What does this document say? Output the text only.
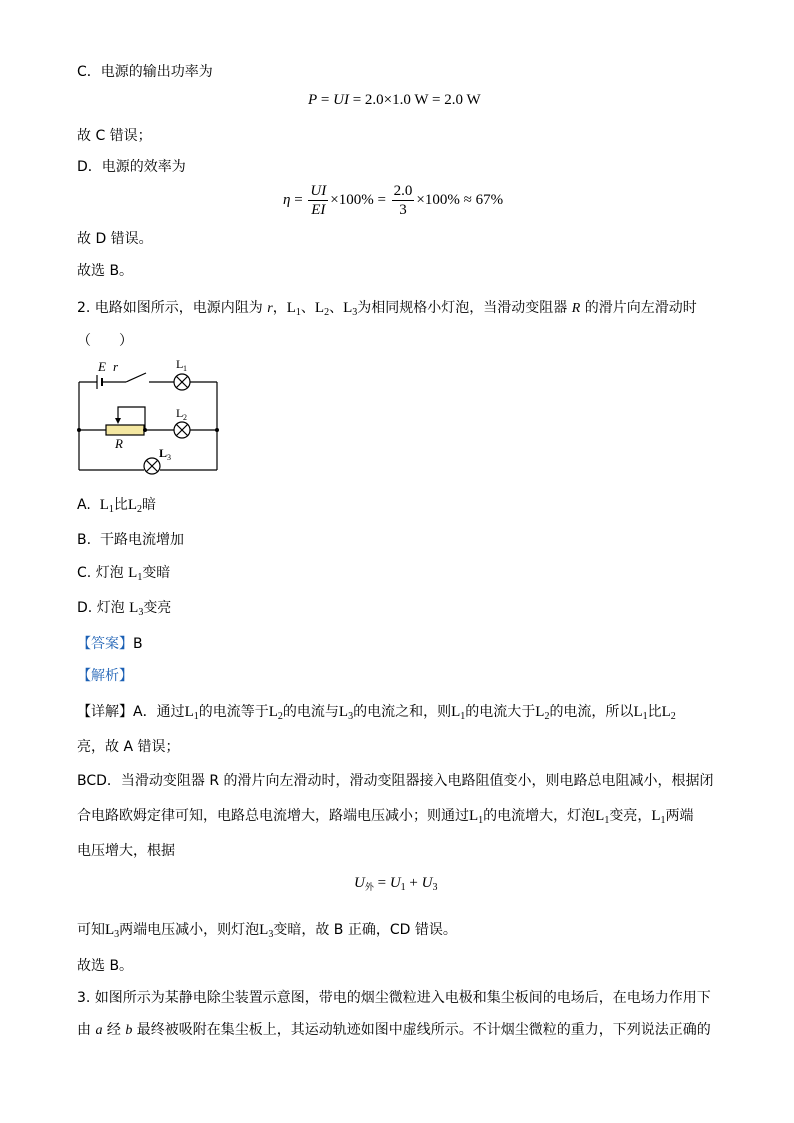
C．电源的输出功率为
P = UI = 2.0×1.0 W = 2.0 W
故 C 错误；
D．电源的效率为
$\eta = \frac{UI}{EI} \times 100\% = \frac{2.0}{3} \times 100\% \approx 67\%$
故 D 错误。
故选 B。
2. 电路如图所示，电源内阻为 r，$L_1$、$L_2$、$L_3$为相同规格小灯泡，当滑动变阻器 R 的滑片向左滑动时
（　　）
E r	L 1
L 2
L 3
R
A. $L_1$比$L_2$暗
B. 干路电流增加
C. 灯泡 $L_1$变暗
D. 灯泡 $L_3$变亮
【答案】B
【解析】
【详解】A．通过$L_1$的电流等于$L_2$的电流与$L_3$的电流之和，则$L_1$的电流大于$L_2$的电流，所以$L_1$比$L_2$
亮，故 A 错误；
BCD．当滑动变阻器 R 的滑片向左滑动时，滑动变阻器接入电路阻值变小，则电路总电阻减小，根据闭
合电路欧姆定律可知，电路总电流增大，路端电压减小；则通过$L_1$的电流增大，灯泡$L_1$变亮，$L_1$两端
电压增大，根据
$U_外 = U_1 + U_3$
可知$L_3$两端电压减小，则灯泡$L_3$变暗，故 B 正确，CD 错误。
故选 B。
3. 如图所示为某静电除尘装置示意图，带电的烟尘微粒进入电极和集尘板间的电场后，在电场力作用下
由 a 经 b 最终被吸附在集尘板上，其运动轨迹如图中虚线所示。不计烟尘微粒的重力，下列说法正确的
